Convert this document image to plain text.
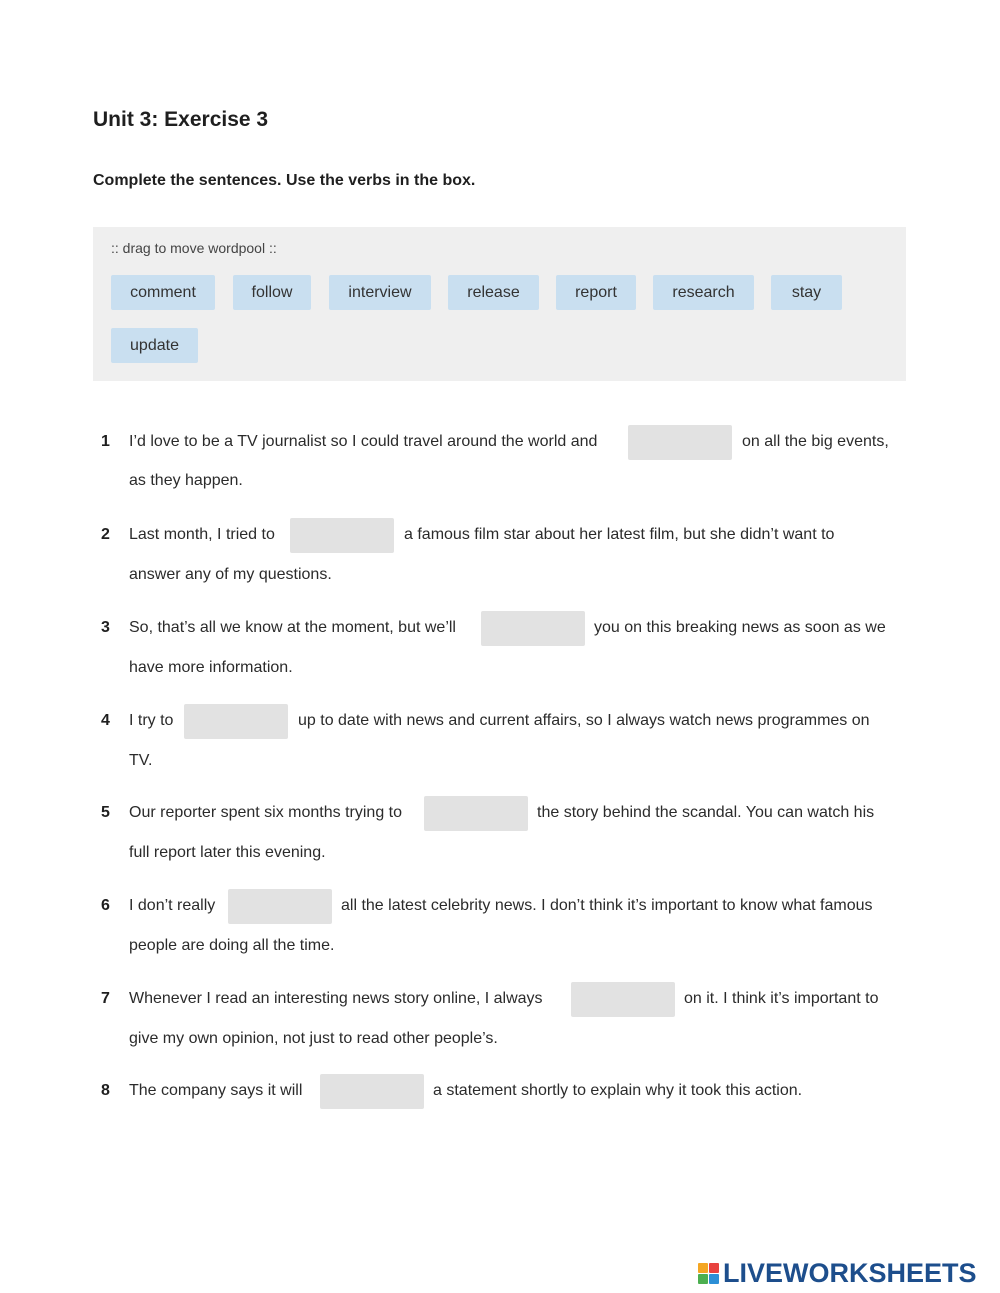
Unit 3: Exercise 3
Complete the sentences. Use the verbs in the box.
:: drag to move wordpool ::
comment	follow	interview	release	report	research	stay
update
1 I’d love to be a TV journalist so I could travel around the world and	on all the big events,
as they happen.
2 Last month, I tried to	a famous film star about her latest film, but she didn’t want to
answer any of my questions.
3 So, that’s all we know at the moment, but we’ll	you on this breaking news as soon as we
have more information.
4 I try to	up to date with news and current affairs, so I always watch news programmes on
TV.
5 Our reporter spent six months trying to	the story behind the scandal. You can watch his
full report later this evening.
6 I don’t really	all the latest celebrity news. I don’t think it’s important to know what famous
people are doing all the time.
7 Whenever I read an interesting news story online, I always	on it. I think it’s important to
give my own opinion, not just to read other people’s.
8 The company says it will	a statement shortly to explain why it took this action.
LIVEWORKSHEETS
